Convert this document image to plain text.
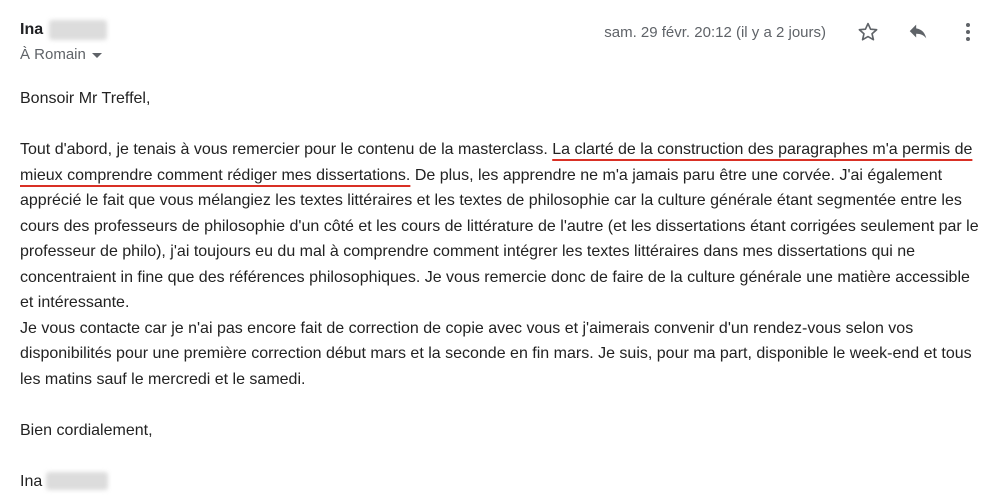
Ina
À Romain
sam. 29 févr. 20:12 (il y a 2 jours)

Bonsoir Mr Treffel,

Tout d'abord, je tenais à vous remercier pour le contenu de la masterclass. La clarté de la construction des paragraphes m'a permis de mieux comprendre comment rédiger mes dissertations. De plus, les apprendre ne m'a jamais paru être une corvée. J'ai également apprécié le fait que vous mélangiez les textes littéraires et les textes de philosophie car la culture générale étant segmentée entre les cours des professeurs de philosophie d'un côté et les cours de littérature de l'autre (et les dissertations étant corrigées seulement par le professeur de philo), j'ai toujours eu du mal à comprendre comment intégrer les textes littéraires dans mes dissertations qui ne concentraient in fine que des références philosophiques. Je vous remercie donc de faire de la culture générale une matière accessible et intéressante.

Je vous contacte car je n'ai pas encore fait de correction de copie avec vous et j'aimerais convenir d'un rendez-vous selon vos disponibilités pour une première correction début mars et la seconde en fin mars. Je suis, pour ma part, disponible le week-end et tous les matins sauf le mercredi et le samedi.

Bien cordialement,

Ina
